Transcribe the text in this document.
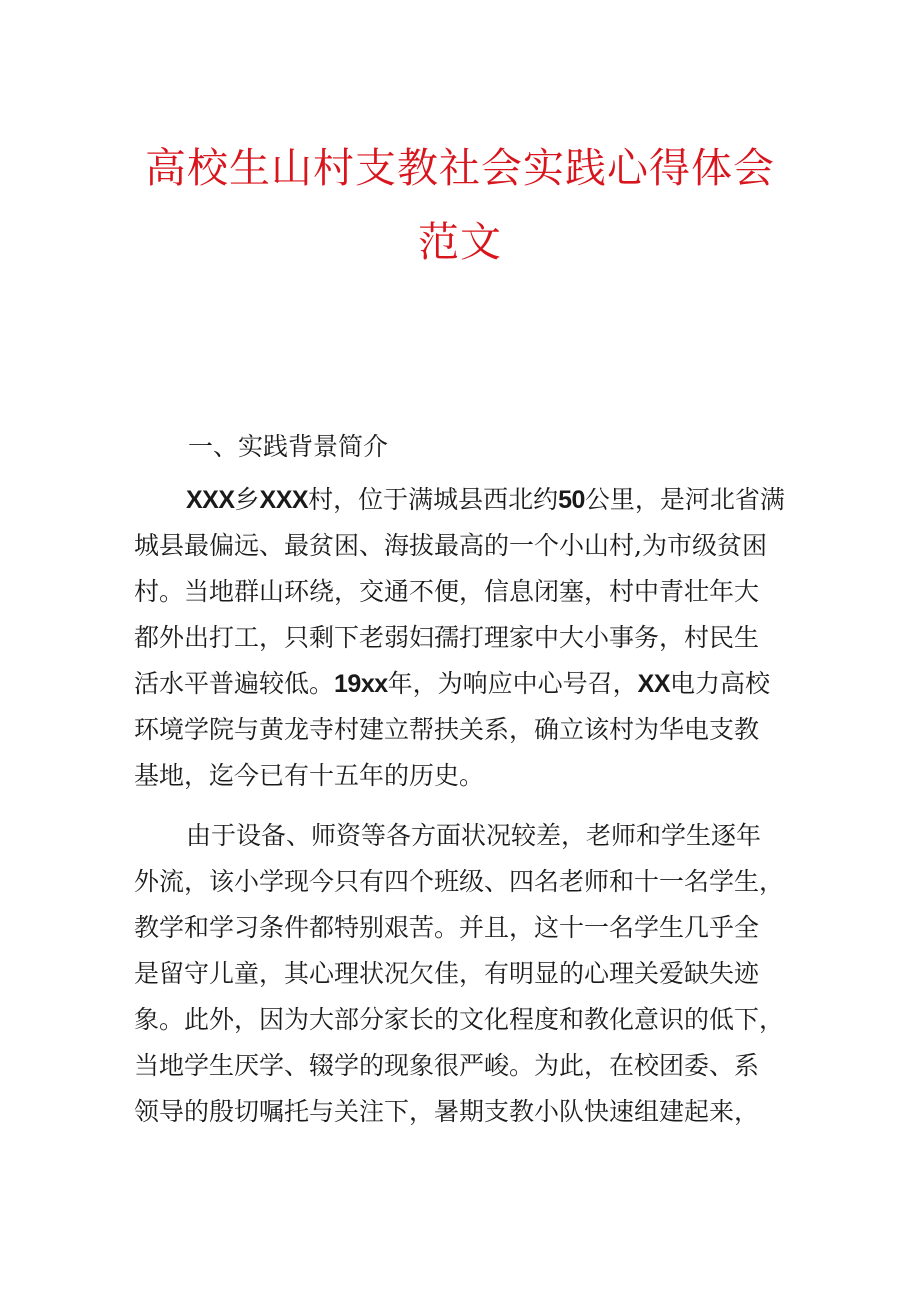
高校生山村支教社会实践心得体会
范文
一、实践背景简介
XXX乡XXX村，位于满城县西北约50公里，是河北省满
城县最偏远、最贫困、海拔最高的一个小山村,为市级贫困
村。当地群山环绕，交通不便，信息闭塞，村中青壮年大
都外出打工，只剩下老弱妇孺打理家中大小事务，村民生
活水平普遍较低。19xx年，为响应中心号召，XX电力高校
环境学院与黄龙寺村建立帮扶关系，确立该村为华电支教
基地，迄今已有十五年的历史。
由于设备、师资等各方面状况较差，老师和学生逐年
外流，该小学现今只有四个班级、四名老师和十一名学生，
教学和学习条件都特别艰苦。并且，这十一名学生几乎全
是留守儿童，其心理状况欠佳，有明显的心理关爱缺失迹
象。此外，因为大部分家长的文化程度和教化意识的低下，
当地学生厌学、辍学的现象很严峻。为此，在校团委、系
领导的殷切嘱托与关注下，暑期支教小队快速组建起来，
